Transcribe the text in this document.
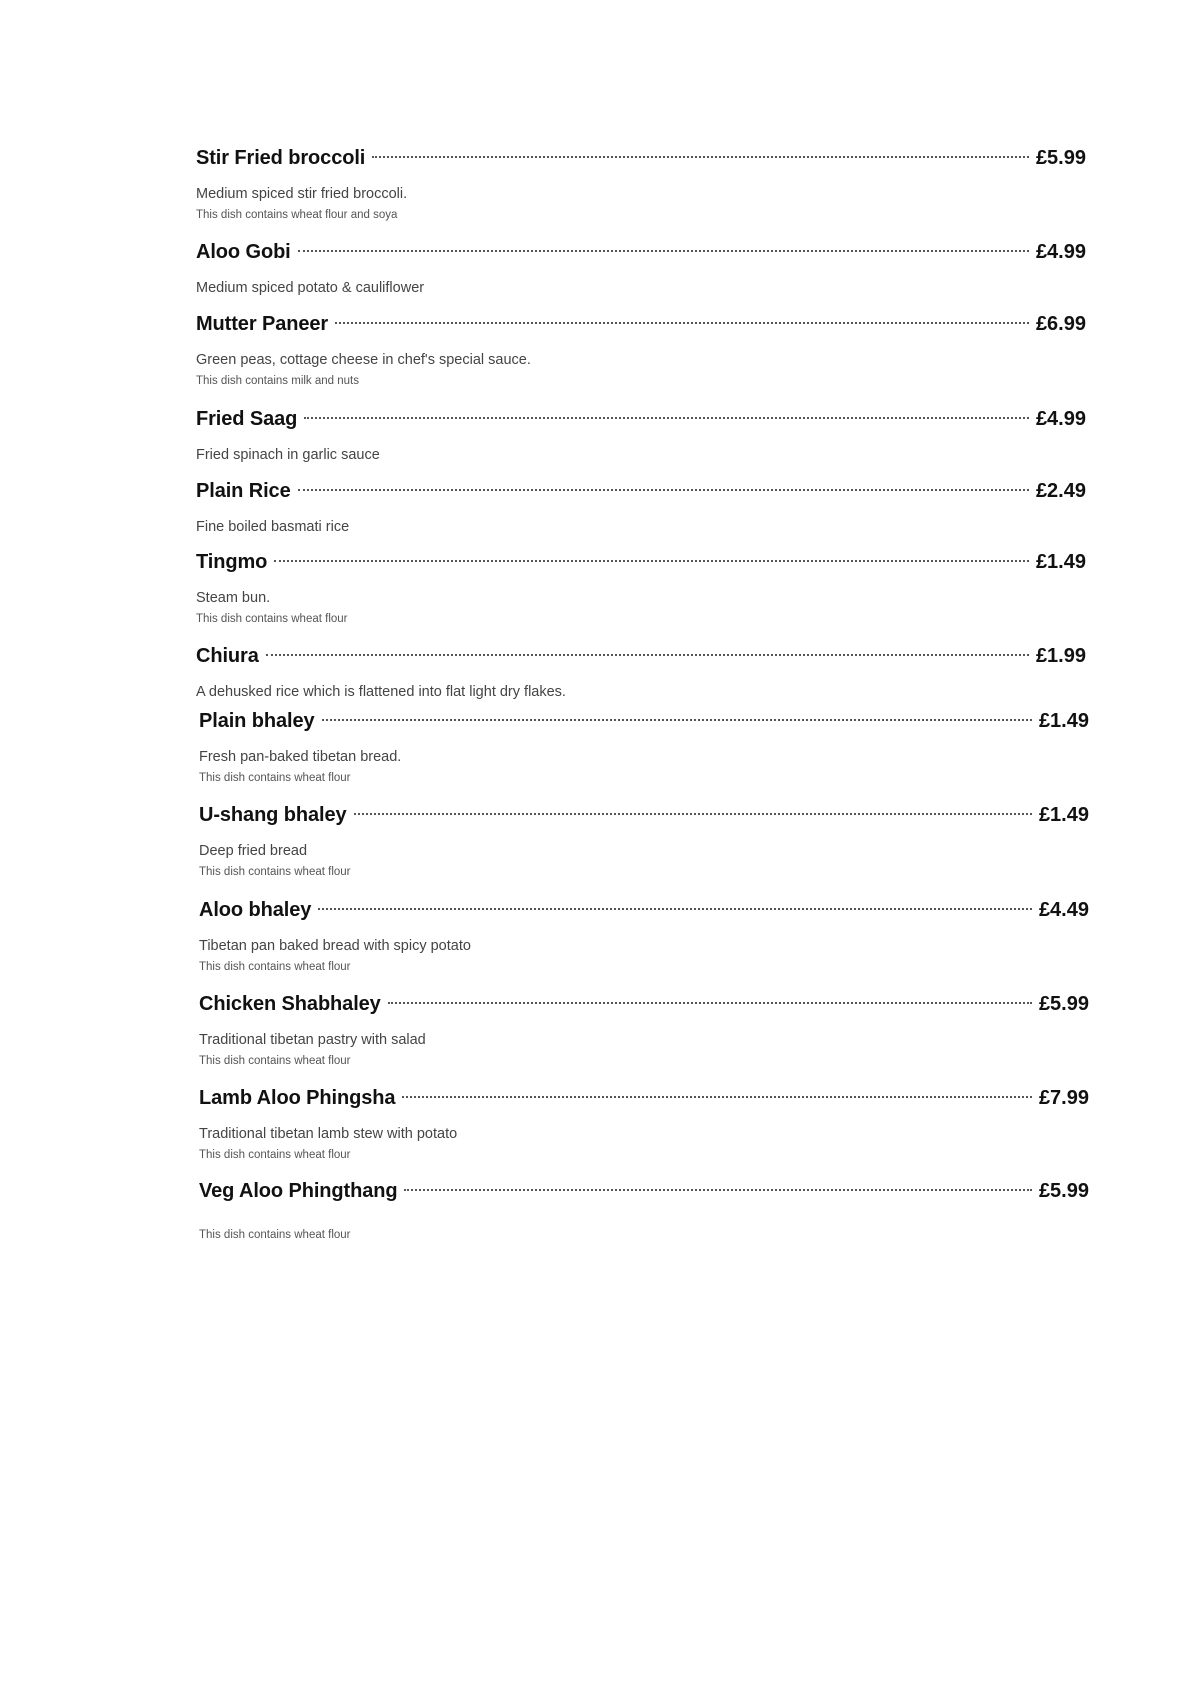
Stir Fried broccoli	£5.99
Medium spiced stir fried broccoli.
This dish contains wheat flour and soya
Aloo Gobi	£4.99
Medium spiced potato & cauliflower
Mutter Paneer	£6.99
Green peas, cottage cheese in chef's special sauce.
This dish contains milk and nuts
Fried Saag	£4.99
Fried spinach in garlic sauce
Plain Rice	£2.49
Fine boiled basmati rice
Tingmo	£1.49
Steam bun.
This dish contains wheat flour
Chiura	£1.99
A dehusked rice which is flattened into flat light dry flakes.
Plain bhaley	£1.49
Fresh pan-baked tibetan bread.
This dish contains wheat flour
U-shang bhaley	£1.49
Deep fried bread
This dish contains wheat flour
Aloo bhaley	£4.49
Tibetan pan baked bread with spicy potato
This dish contains wheat flour
Chicken Shabhaley	£5.99
Traditional tibetan pastry with salad
This dish contains wheat flour
Lamb Aloo Phingsha	£7.99
Traditional tibetan lamb stew with potato
This dish contains wheat flour
Veg Aloo Phingthang	£5.99
This dish contains wheat flour
